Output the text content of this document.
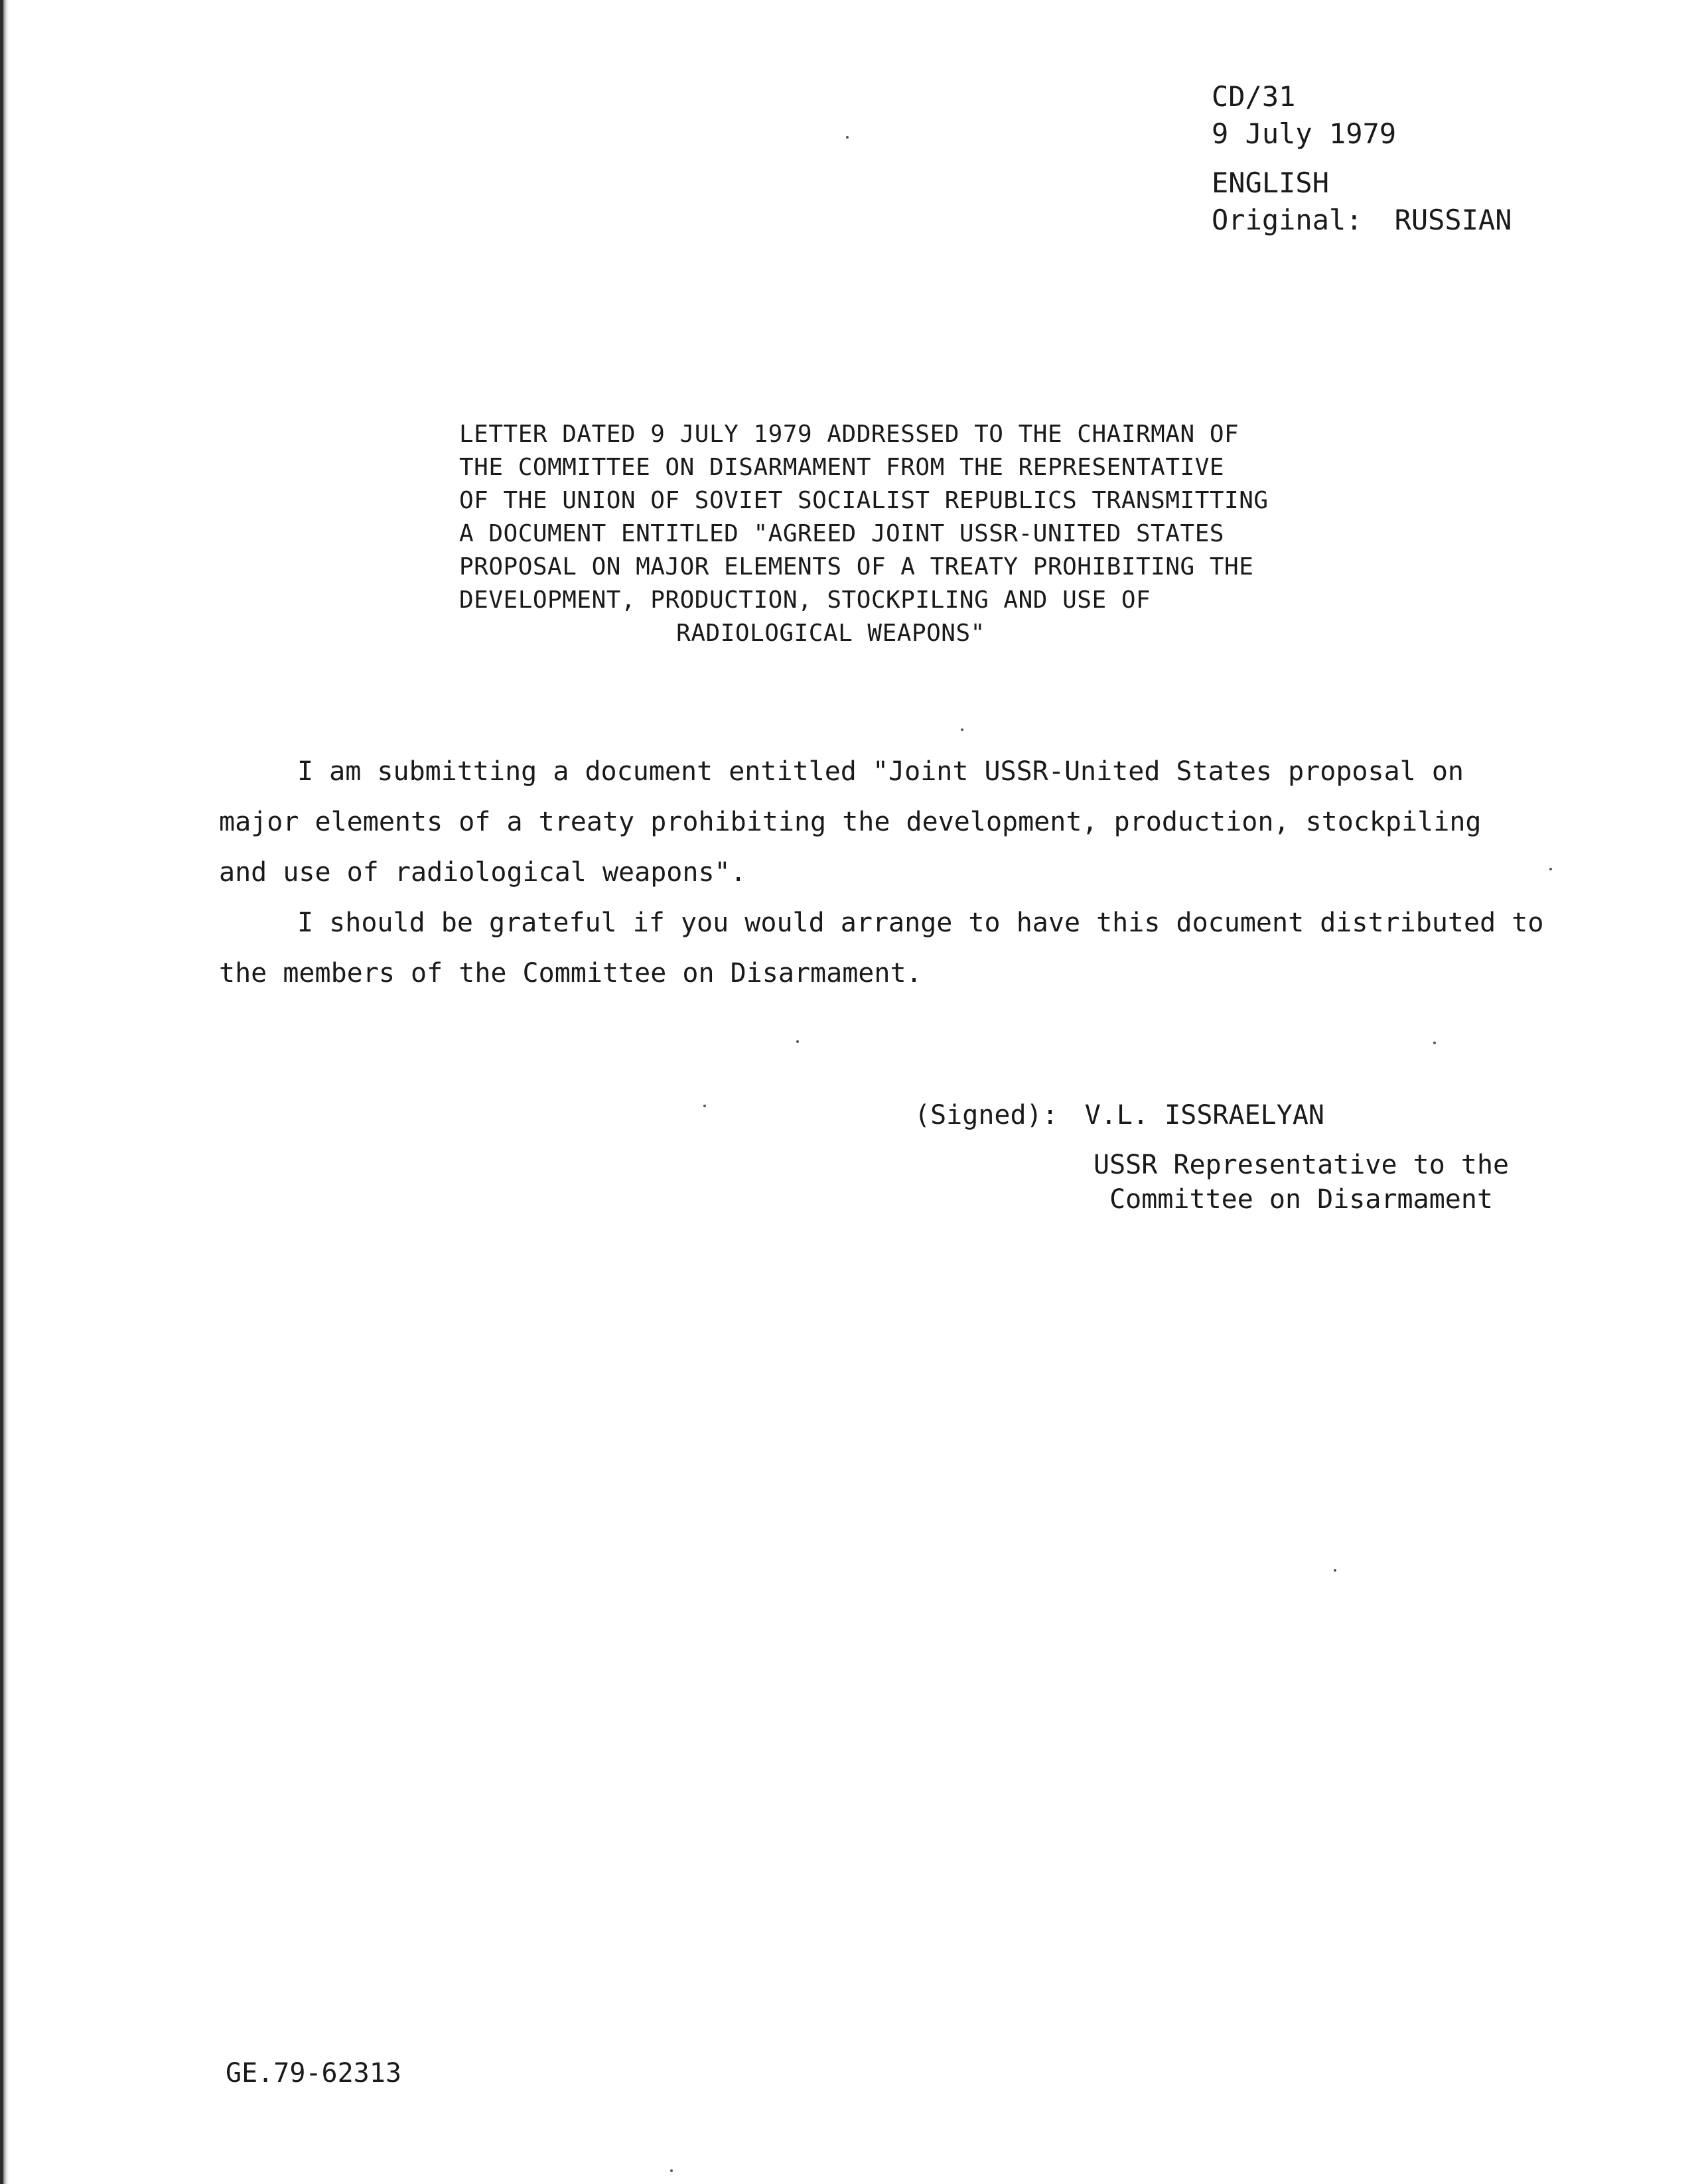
CD/31
9 July 1979
ENGLISH
Original: RUSSIAN
LETTER DATED 9 JULY 1979 ADDRESSED TO THE CHAIRMAN OF
THE COMMITTEE ON DISARMAMENT FROM THE REPRESENTATIVE
OF THE UNION OF SOVIET SOCIALIST REPUBLICS TRANSMITTING
A DOCUMENT ENTITLED "AGREED JOINT USSR-UNITED STATES
PROPOSAL ON MAJOR ELEMENTS OF A TREATY PROHIBITING THE
DEVELOPMENT, PRODUCTION, STOCKPILING AND USE OF
RADIOLOGICAL WEAPONS"

I am submitting a document entitled "Joint USSR-United States proposal on
major elements of a treaty prohibiting the development, production, stockpiling
and use of radiological weapons".

I should be grateful if you would arrange to have this document distributed to
the members of the Committee on Disarmament.

(Signed): V.L. ISSRAELYAN
USSR Representative to the
Committee on Disarmament
GE.79-62313
